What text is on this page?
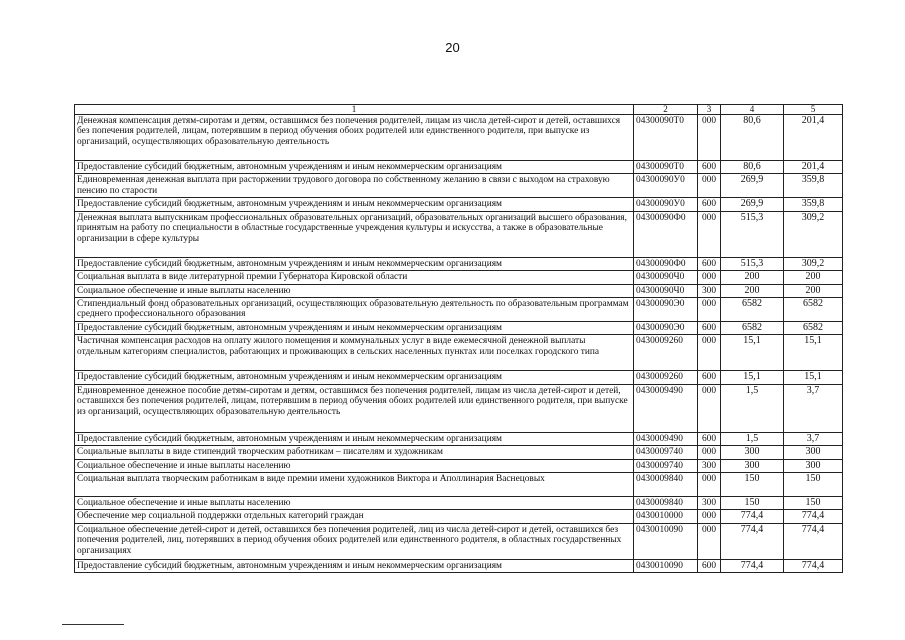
20
1	2	3	4	5
Денежная компенсация детям-сиротам и детям, оставшимся без попечения родителей, лицам из числа детей-сирот и детей, оставшихся без попечения родителей, лицам, потерявшим в период обучения обоих родителей или единственного родителя, при выпуске из организаций, осуществляющих образовательную деятельность	04300090Т0	000	80,6	201,4
Предоставление субсидий бюджетным, автономным учреждениям и иным некоммерческим организациям	04300090Т0	600	80,6	201,4
Единовременная денежная выплата при расторжении трудового договора по собственному желанию в связи с выходом на страховую пенсию по старости	04300090У0	000	269,9	359,8
Предоставление субсидий бюджетным, автономным учреждениям и иным некоммерческим организациям	04300090У0	600	269,9	359,8
Денежная выплата выпускникам профессиональных образовательных организаций, образовательных организаций высшего образования, принятым на работу по специальности в областные государственные учреждения культуры и искусства, а также в образовательные организации в сфере культуры	04300090Ф0	000	515,3	309,2
Предоставление субсидий бюджетным, автономным учреждениям и иным некоммерческим организациям	04300090Ф0	600	515,3	309,2
Социальная выплата в виде литературной премии Губернатора Кировской области	04300090Ч0	000	200	200
Социальное обеспечение и иные выплаты населению	04300090Ч0	300	200	200
Стипендиальный фонд образовательных организаций, осуществляющих образовательную деятельность по образовательным программам среднего профессионального образования	04300090Э0	000	6582	6582
Предоставление субсидий бюджетным, автономным учреждениям и иным некоммерческим организациям	04300090Э0	600	6582	6582
Частичная компенсация расходов на оплату жилого помещения и коммунальных услуг в виде ежемесячной денежной выплаты отдельным категориям специалистов, работающих и проживающих в сельских населенных пунктах или поселках городского типа	0430009260	000	15,1	15,1
Предоставление субсидий бюджетным, автономным учреждениям и иным некоммерческим организациям	0430009260	600	15,1	15,1
Единовременное денежное пособие детям-сиротам и детям, оставшимся без попечения родителей, лицам из числа детей-сирот и детей, оставшихся без попечения родителей, лицам, потерявшим в период обучения обоих родителей или единственного родителя, при выпуске из организаций, осуществляющих образовательную деятельность	0430009490	000	1,5	3,7
Предоставление субсидий бюджетным, автономным учреждениям и иным некоммерческим организациям	0430009490	600	1,5	3,7
Социальные выплаты в виде стипендий творческим работникам – писателям и художникам	0430009740	000	300	300
Социальное обеспечение и иные выплаты населению	0430009740	300	300	300
Социальная выплата творческим работникам в виде премии имени художников Виктора и Аполлинария Васнецовых	0430009840	000	150	150
Социальное обеспечение и иные выплаты населению	0430009840	300	150	150
Обеспечение мер социальной поддержки отдельных категорий граждан	0430010000	000	774,4	774,4
Социальное обеспечение детей-сирот и детей, оставшихся без попечения родителей, лиц из числа детей-сирот и детей, оставшихся без попечения родителей, лиц, потерявших в период обучения обоих родителей или единственного родителя, в областных государственных организациях	0430010090	000	774,4	774,4
Предоставление субсидий бюджетным, автономным учреждениям и иным некоммерческим организациям	0430010090	600	774,4	774,4
